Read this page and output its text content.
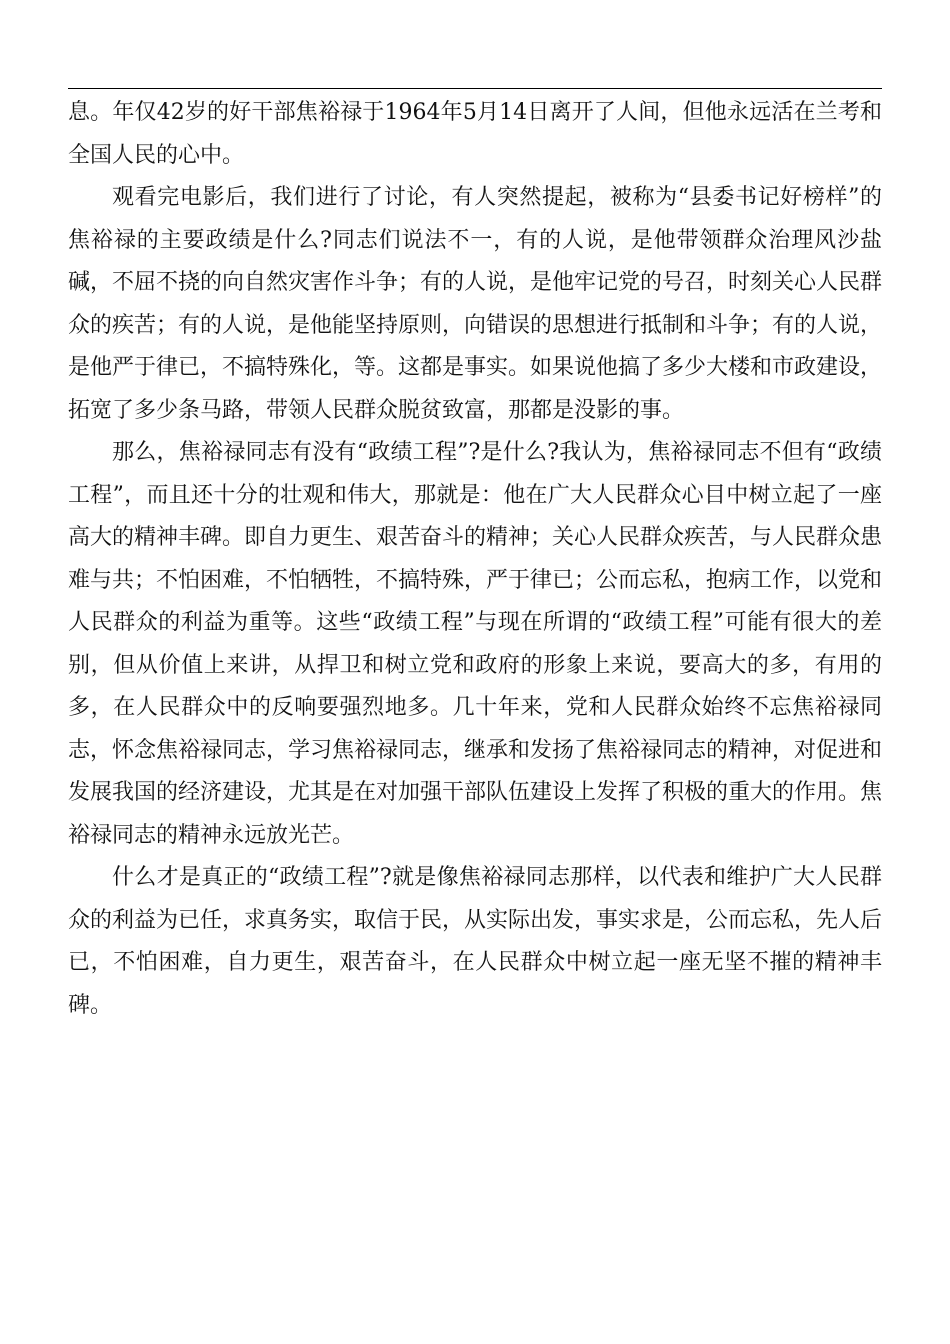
息。年仅42岁的好干部焦裕禄于1964年5月14日离开了人间，但他永远活在兰考和全国人民的心中。

观看完电影后，我们进行了讨论，有人突然提起，被称为“县委书记好榜样”的焦裕禄的主要政绩是什么?同志们说法不一，有的人说，是他带领群众治理风沙盐碱，不屈不挠的向自然灾害作斗争；有的人说，是他牢记党的号召，时刻关心人民群众的疾苦；有的人说，是他能坚持原则，向错误的思想进行抵制和斗争；有的人说，是他严于律已，不搞特殊化，等。这都是事实。如果说他搞了多少大楼和市政建设，拓宽了多少条马路，带领人民群众脱贫致富，那都是没影的事。

那么，焦裕禄同志有没有“政绩工程”?是什么?我认为，焦裕禄同志不但有“政绩工程”，而且还十分的壮观和伟大，那就是：他在广大人民群众心目中树立起了一座高大的精神丰碑。即自力更生、艰苦奋斗的精神；关心人民群众疾苦，与人民群众患难与共；不怕困难，不怕牺牲，不搞特殊，严于律已；公而忘私，抱病工作，以党和人民群众的利益为重等。这些“政绩工程”与现在所谓的“政绩工程”可能有很大的差别，但从价值上来讲，从捍卫和树立党和政府的形象上来说，要高大的多，有用的多，在人民群众中的反响要强烈地多。几十年来，党和人民群众始终不忘焦裕禄同志，怀念焦裕禄同志，学习焦裕禄同志，继承和发扬了焦裕禄同志的精神，对促进和发展我国的经济建设，尤其是在对加强干部队伍建设上发挥了积极的重大的作用。焦裕禄同志的精神永远放光芒。

什么才是真正的“政绩工程”?就是像焦裕禄同志那样，以代表和维护广大人民群众的利益为已任，求真务实，取信于民，从实际出发，事实求是，公而忘私，先人后已，不怕困难，自力更生，艰苦奋斗，在人民群众中树立起一座无坚不摧的精神丰碑。
